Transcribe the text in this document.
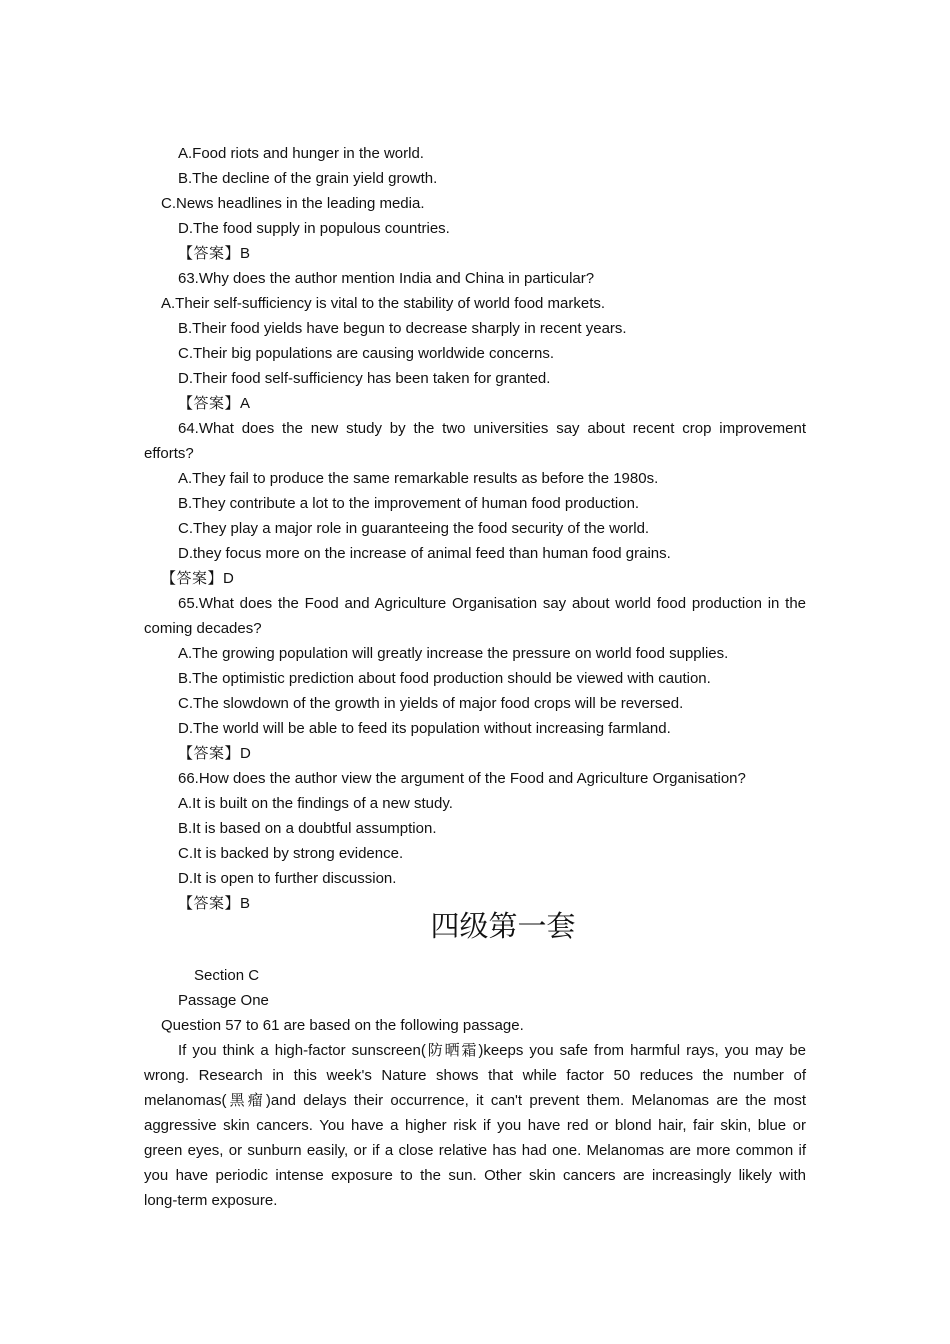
A.Food riots and hunger in the world.
B.The decline of the grain yield growth.
C.News headlines in the leading media.
D.The food supply in populous countries.
【答案】B
63.Why does the author mention India and China in particular?
A.Their self-sufficiency is vital to the stability of world food markets.
B.Their food yields have begun to decrease sharply in recent years.
C.Their big populations are causing worldwide concerns.
D.Their food self-sufficiency has been taken for granted.
【答案】A
64.What does the new study by the two universities say about recent crop improvement
efforts?
A.They fail to produce the same remarkable results as before the 1980s.
B.They contribute a lot to the improvement of human food production.
C.They play a major role in guaranteeing the food security of the world.
D.they focus more on the increase of animal feed than human food grains.
【答案】D
65.What does the Food and Agriculture Organisation say about world food production in the
coming decades?
A.The growing population will greatly increase the pressure on world food supplies.
B.The optimistic prediction about food production should be viewed with caution.
C.The slowdown of the growth in yields of major food crops will be reversed.
D.The world will be able to feed its population without increasing farmland.
【答案】D
66.How does the author view the argument of the Food and Agriculture Organisation?
A.It is built on the findings of a new study.
B.It is based on a doubtful assumption.
C.It is backed by strong evidence.
D.It is open to further discussion.
【答案】B
四级第一套
Section C
Passage One
Question 57 to 61 are based on the following passage.
If you think a high-factor sunscreen(防晒霜)keeps you safe from harmful rays, you may be
wrong. Research in this week's Nature shows that while factor 50 reduces the number of
melanomas(黑瘤)and delays their occurrence, it can't prevent them. Melanomas are the most
aggressive skin cancers. You have a higher risk if you have red or blond hair, fair skin, blue or
green eyes, or sunburn easily, or if a close relative has had one. Melanomas are more common if
you have periodic intense exposure to the sun. Other skin cancers are increasingly likely with
long-term exposure.
